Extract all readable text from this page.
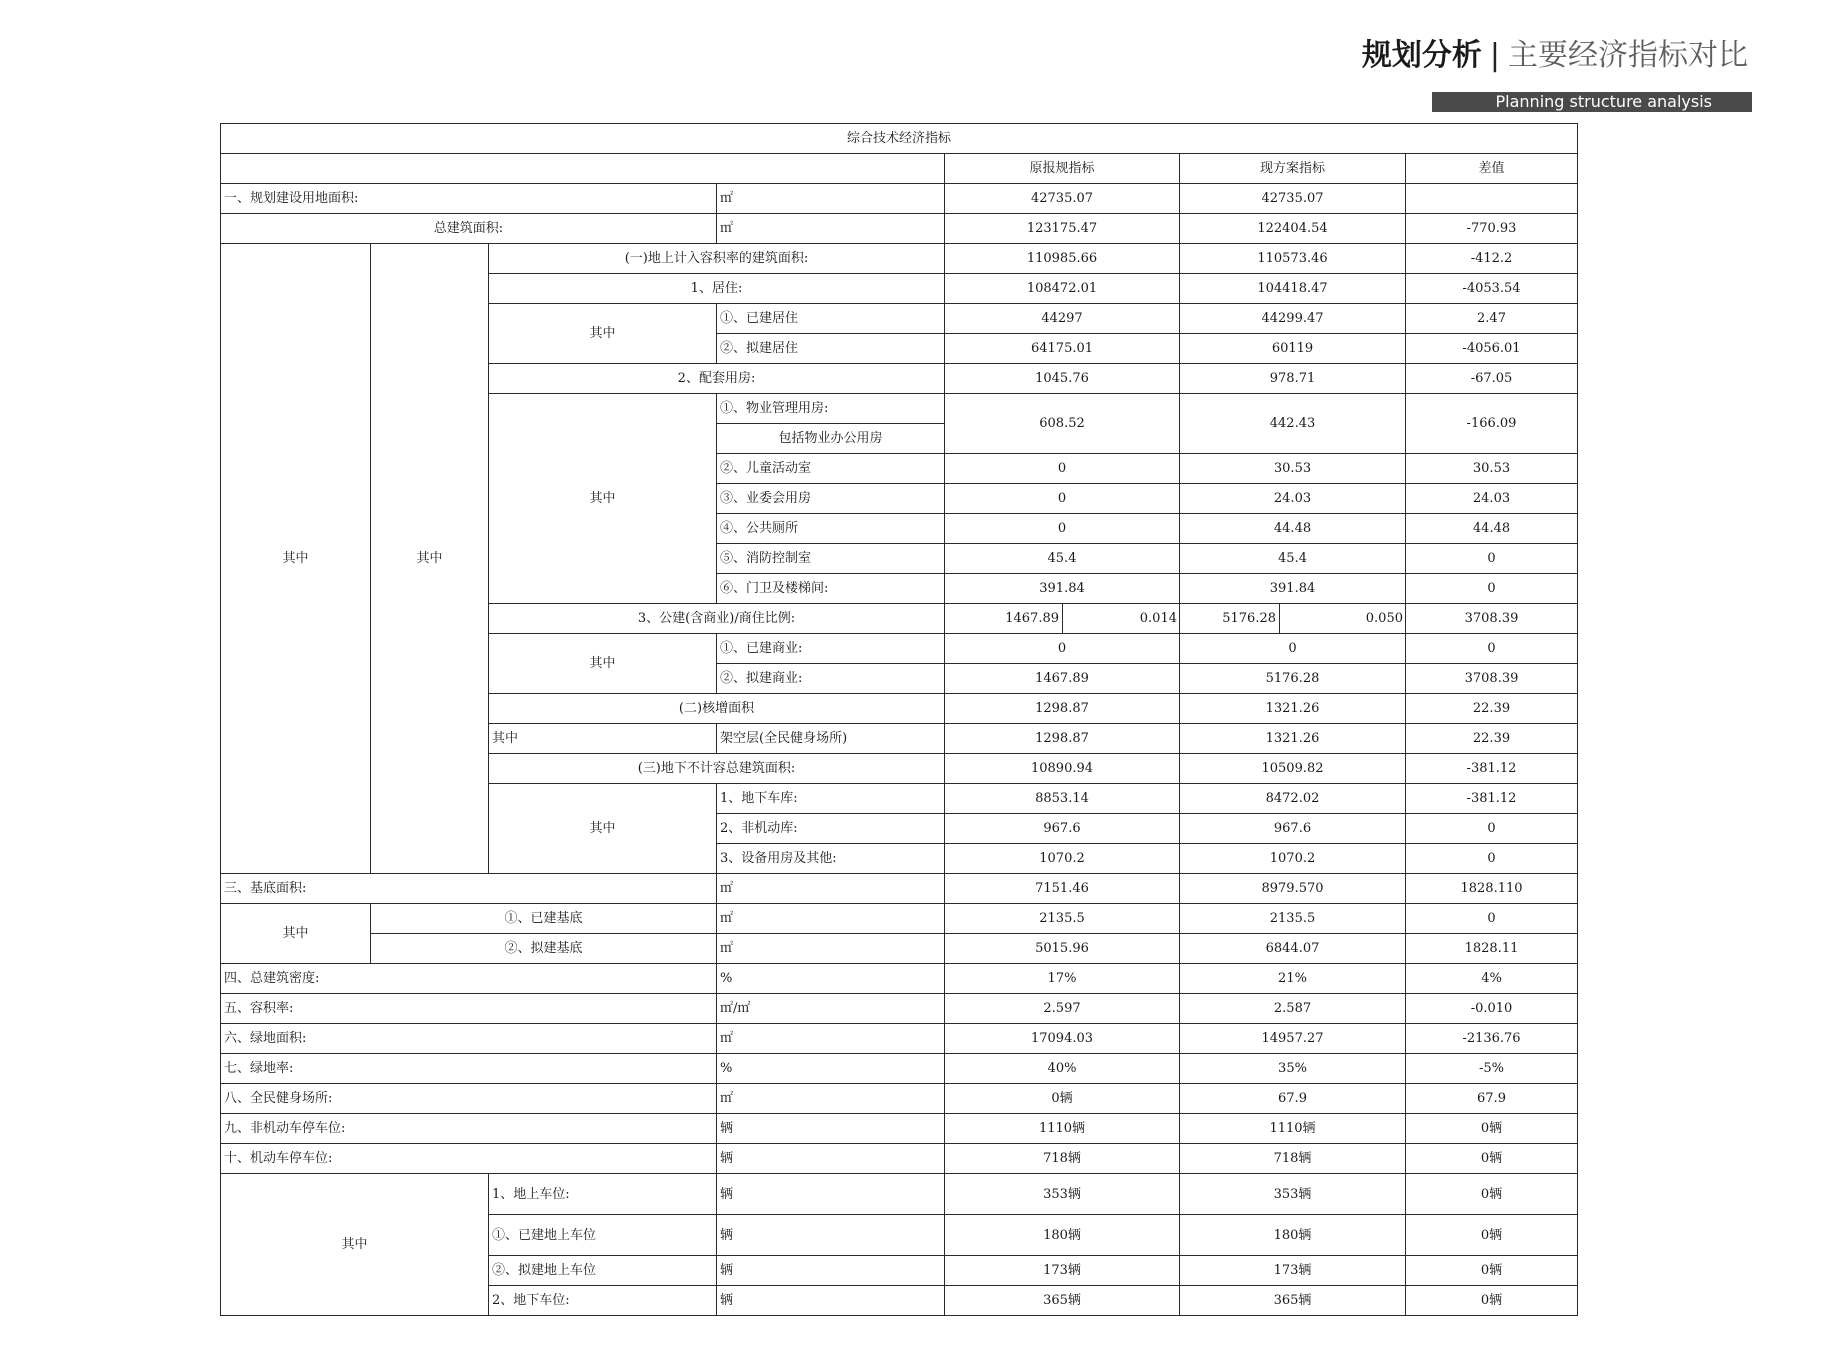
规划分析 | 主要经济指标对比
Planning structure analysis
综合技术经济指标						
				原报规指标	现方案指标	差值
一、规划建设用地面积:			㎡	42735.07	42735.07	
总建筑面积:			㎡	123175.47	122404.54	-770.93
其中	其中	(一)地上计入容积率的建筑面积:		110985.66	110573.46	-412.2
		1、居住:		108472.01	104418.47	-4053.54
		其中	①、已建居住	44297	44299.47	2.47
			②、拟建居住	64175.01	60119	-4056.01
		2、配套用房:		1045.76	978.71	-67.05
		其中	①、物业管理用房:	608.52	442.43	-166.09
			包括物业办公用房			
			②、儿童活动室	0	30.53	30.53
			③、业委会用房	0	24.03	24.03
			④、公共厕所	0	44.48	44.48
			⑤、消防控制室	45.4	45.4	0
			⑥、门卫及楼梯间:	391.84	391.84	0
		3、公建(含商业)/商住比例:		1467.89 0.014	5176.28 0.050	3708.39
		其中	①、已建商业:	0	0	0
			②、拟建商业:	1467.89	5176.28	3708.39
		(二)核增面积		1298.87	1321.26	22.39
		其中	架空层(全民健身场所)	1298.87	1321.26	22.39
		(三)地下不计容总建筑面积:		10890.94	10509.82	-381.12
		其中	1、地下车库:	8853.14	8472.02	-381.12
			2、非机动库:	967.6	967.6	0
			3、设备用房及其他:	1070.2	1070.2	0
三、基底面积:			㎡	7151.46	8979.570	1828.110
其中	①、已建基底		㎡	2135.5	2135.5	0
	②、拟建基底		㎡	5015.96	6844.07	1828.11
四、总建筑密度:			%	17%	21%	4%
五、容积率:			㎡/㎡	2.597	2.587	-0.010
六、绿地面积:			㎡	17094.03	14957.27	-2136.76
七、绿地率:			%	40%	35%	-5%
八、全民健身场所:			㎡	0辆	67.9	67.9
九、非机动车停车位:			辆	1110辆	1110辆	0辆
十、机动车停车位:			辆	718辆	718辆	0辆
其中		1、地上车位:	辆	353辆	353辆	0辆
		①、已建地上车位	辆	180辆	180辆	0辆
		②、拟建地上车位	辆	173辆	173辆	0辆
		2、地下车位:	辆	365辆	365辆	0辆
